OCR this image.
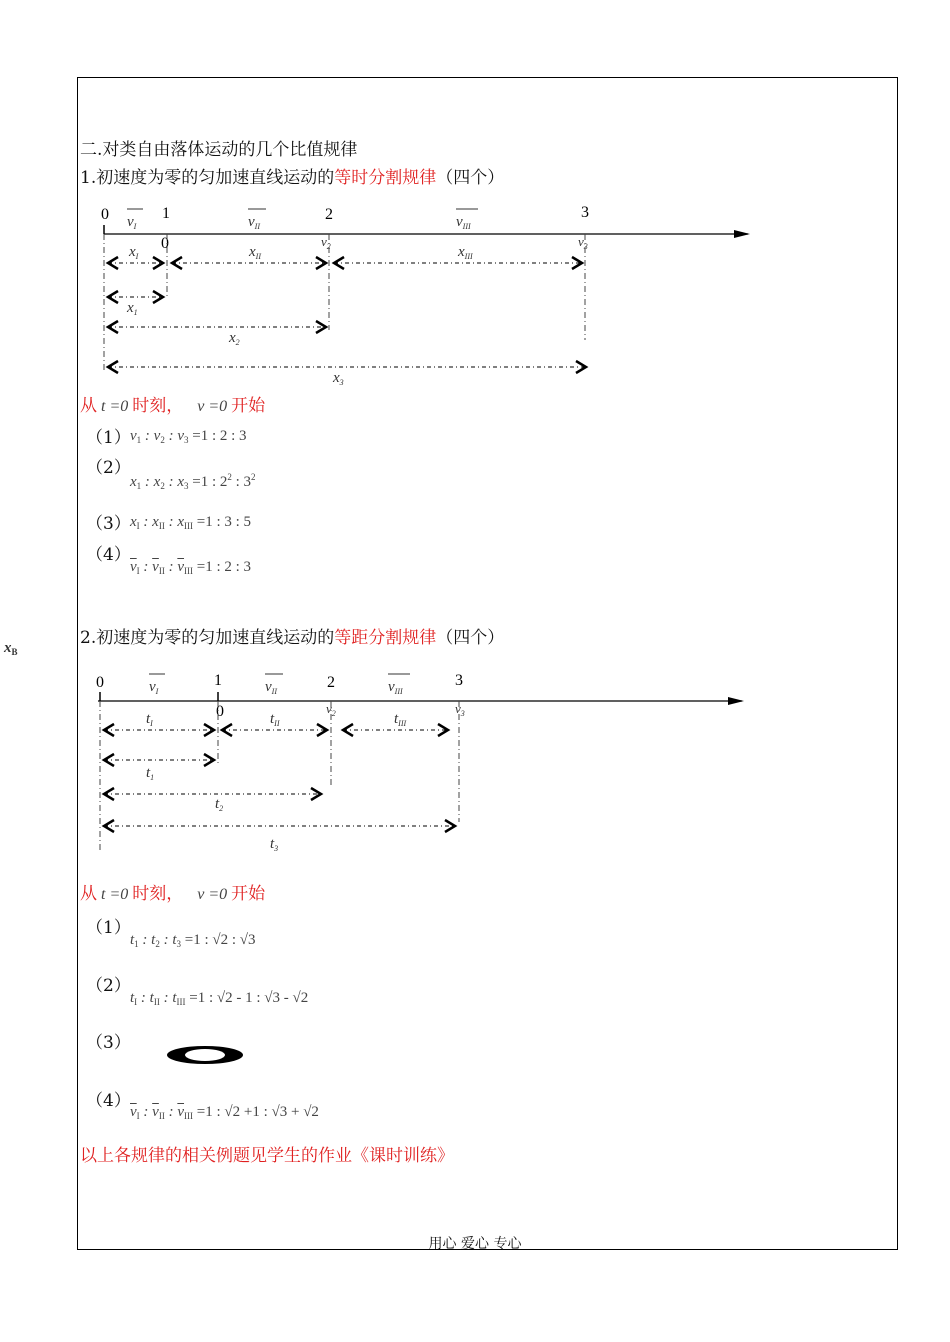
二.对类自由落体运动的几个比值规律
1.初速度为零的匀加速直线运动的等时分割规律（四个）
0	1	2	3
$v_I$	$v_{II}$	$v_{III}$
0	$v_2$	$v_3$
$x_I$	$x_{II}$	$x_{III}$
$x_1$
$x_2$
$x_3$
从 t =0 时刻， v =0 开始
（1） $v_1$ : $v_2$ : $v_3 =1$ : 2 : 3
（2）
$x_1$ : $x_2$ : $x_3 =1$ : $2^2$ : $3^2$
（3） $x_I$ : $x_{II}$ : $x_{III} =1$ : 3 : 5
（4）
$\overline{v}_I$ : $\overline{v}_{II}$ : $\overline{v}_{III} =1$ : 2 : 3
$x_B$
2.初速度为零的匀加速直线运动的等距分割规律（四个）
0	1	2	3
$v_I$	$v_{II}$	$v_{III}$
0	$v_2$	$v_3$
$t_I$	$t_{II}$	$t_{III}$
$t_1$
$t_2$
$t_3$
从 t =0 时刻， v =0 开始
（1）
$t_1$ : $t_2$ : $t_3 =1$ : √2 : √3
（2）
$t_I$ : $t_{II}$ : $t_{III} =1$ : √2 - 1 : √3 - √2
（3）
（4）
$\overline{v}_I$ : $\overline{v}_{II}$ : $\overline{v}_{III} =1$ : √2 +1 : √3 + √2
以上各规律的相关例题见学生的作业《课时训练》
用心 爱心 专心
